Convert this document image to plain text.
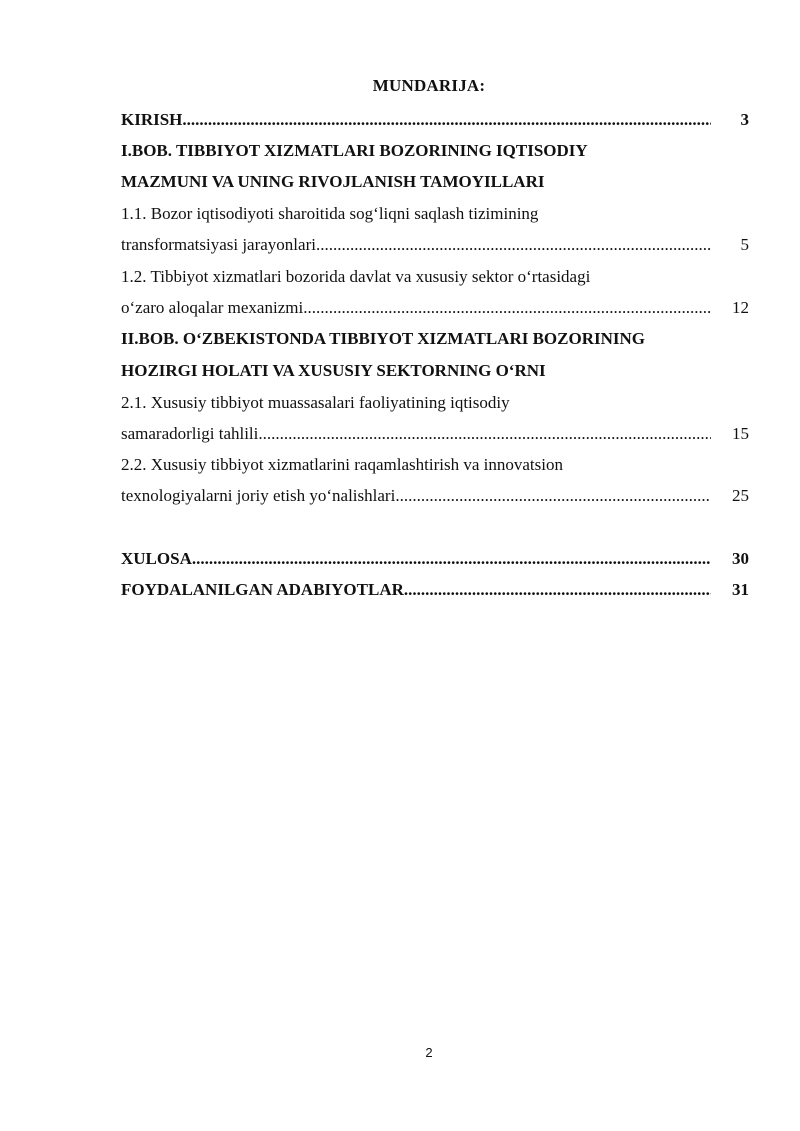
MUNDARIJA:
KIRISH .....	3
I.BOB. TIBBIYOT XIZMATLARI BOZORINING IQTISODIY
MAZMUNI VA UNING RIVOJLANISH TAMOYILLARI
1.1. Bozor iqtisodiyoti sharoitida sog‘liqni saqlash tizimining
transformatsiyasi jarayonlari .....	5
1.2. Tibbiyot xizmatlari bozorida davlat va xususiy sektor o‘rtasidagi
o‘zaro aloqalar mexanizmi .....	12
II.BOB. O‘ZBEKISTONDA TIBBIYOT XIZMATLARI BOZORINING
HOZIRGI HOLATI VA XUSUSIY SEKTORNING O‘RNI
2.1. Xususiy tibbiyot muassasalari faoliyatining iqtisodiy
samaradorligi tahlili .....	15
2.2. Xususiy tibbiyot xizmatlarini raqamlashtirish va innovatsion
texnologiyalarni joriy etish yo‘nalishlari .....	25
XULOSA .....	30
FOYDALANILGAN ADABIYOTLAR .....	31
2
